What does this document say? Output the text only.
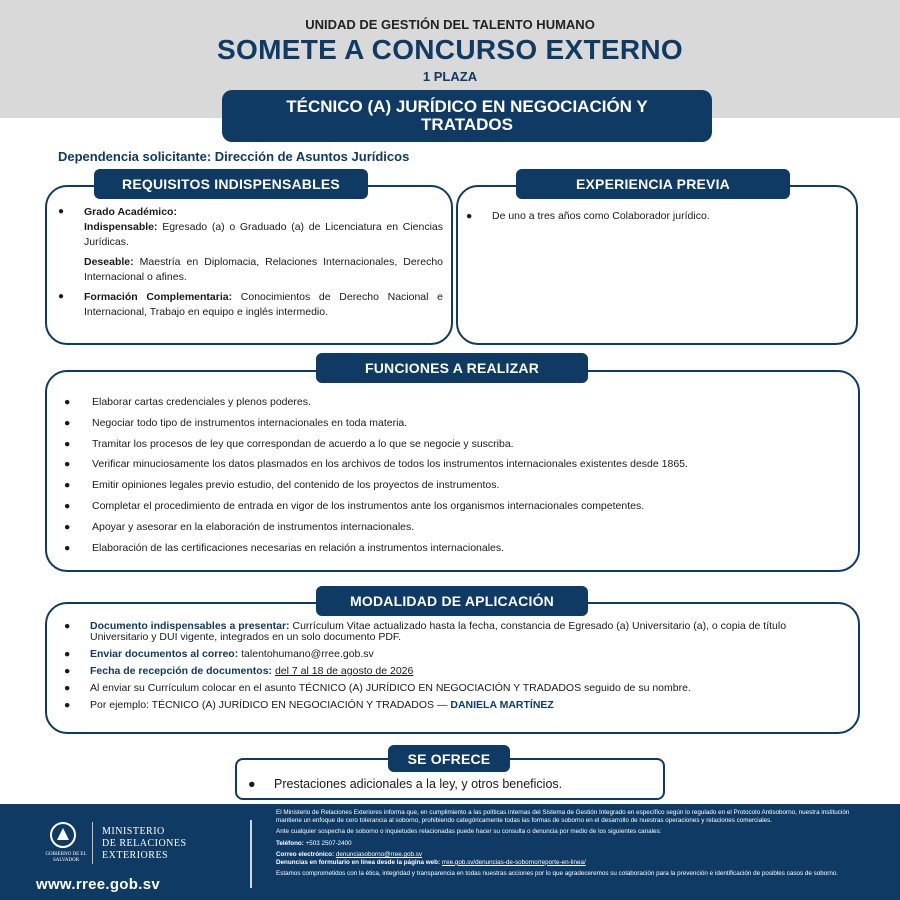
UNIDAD DE GESTIÓN DEL TALENTO HUMANO
SOMETE A CONCURSO EXTERNO
1 PLAZA
TÉCNICO (A) JURÍDICO EN NEGOCIACIÓN Y TRATADOS
Dependencia solicitante: Dirección de Asuntos Jurídicos
REQUISITOS INDISPENSABLES
● Grado Académico:
Indispensable: Egresado (a) o Graduado (a) de Licenciatura en Ciencias Jurídicas.
Deseable: Maestría en Diplomacia, Relaciones Internacionales, Derecho Internacional o afines.
● Formación Complementaria: Conocimientos de Derecho Nacional e Internacional, Trabajo en equipo e inglés intermedio.
EXPERIENCIA PREVIA
● De uno a tres años como Colaborador jurídico.
FUNCIONES A REALIZAR
● Elaborar cartas credenciales y plenos poderes.
● Negociar todo tipo de instrumentos internacionales en toda materia.
● Tramitar los procesos de ley que correspondan de acuerdo a lo que se negocie y suscriba.
● Verificar minuciosamente los datos plasmados en los archivos de todos los instrumentos internacionales existentes desde 1865.
● Emitir opiniones legales previo estudio, del contenido de los proyectos de instrumentos.
● Completar el procedimiento de entrada en vigor de los instrumentos ante los organismos internacionales competentes.
● Apoyar y asesorar en la elaboración de instrumentos internacionales.
● Elaboración de las certificaciones necesarias en relación a instrumentos internacionales.
MODALIDAD DE APLICACIÓN
● Documento indispensables a presentar: Currículum Vitae actualizado hasta la fecha, constancia de Egresado (a) Universitario (a), o copia de título Universitario y DUI vigente, integrados en un solo documento PDF.
● Enviar documentos al correo: talentohumano@rree.gob.sv
● Fecha de recepción de documentos: del 7 al 18 de agosto de 2026
● Al enviar su Currículum colocar en el asunto TÉCNICO (A) JURÍDICO EN NEGOCIACIÓN Y TRADADOS seguido de su nombre.
● Por ejemplo: TÉCNICO (A) JURÍDICO EN NEGOCIACIÓN Y TRADADOS — DANIELA MARTÍNEZ
SE OFRECE
● Prestaciones adicionales a la ley, y otros beneficios.
GOBIERNO DE EL SALVADOR
MINISTERIO
DE RELACIONES
EXTERIORES
www.rree.gob.sv

El Ministerio de Relaciones Exteriores informa que, en cumplimiento a las políticas internas del Sistema de Gestión Integrado en específico según lo regulado en el Protocolo Antisoborno, nuestra institución mantiene un enfoque de cero tolerancia al soborno, prohibiendo categóricamente todas las formas de soborno en el desarrollo de nuestras operaciones y relaciones comerciales.

Ante cualquier sospecha de soborno o inquietudes relacionadas puede hacer su consulta o denuncia por medio de los siguientes canales:

Teléfono: +503 2507-2400

Correo electrónico: denunciasoborno@rree.gob.sv

Denuncias en formulario en línea desde la página web: rree.gob.sv/denuncias-de-soborno/reporte-en-linea/

Estamos comprometidos con la ética, integridad y transparencia en todas nuestras acciones por lo que agradeceremos su colaboración para la prevención e identificación de posibles casos de soborno.
